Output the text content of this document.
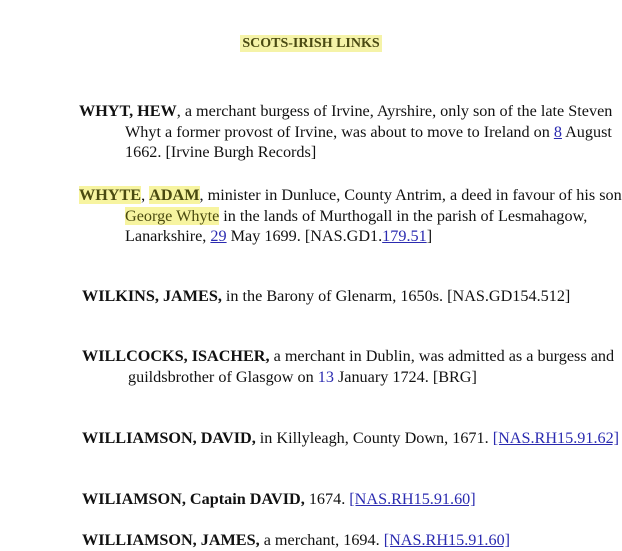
SCOTS-IRISH LINKS
WHYT, HEW, a merchant burgess of Irvine, Ayrshire, only son of the late Steven Whyt a former provost of Irvine, was about to move to Ireland on 8 August 1662. [Irvine Burgh Records]
WHYTE, ADAM, minister in Dunluce, County Antrim, a deed in favour of his son George Whyte in the lands of Murthogall in the parish of Lesmahagow, Lanarkshire, 29 May 1699. [NAS.GD1.179.51]
WILKINS, JAMES, in the Barony of Glenarm, 1650s. [NAS.GD154.512]
WILLCOCKS, ISACHER, a merchant in Dublin, was admitted as a burgess and guildsbrother of Glasgow on 13 January 1724. [BRG]
WILLIAMSON, DAVID, in Killyleagh, County Down, 1671. [NAS.RH15.91.62]
WILIAMSON, Captain DAVID, 1674. [NAS.RH15.91.60]
WILLIAMSON, JAMES, a merchant, 1694. [NAS.RH15.91.60]
